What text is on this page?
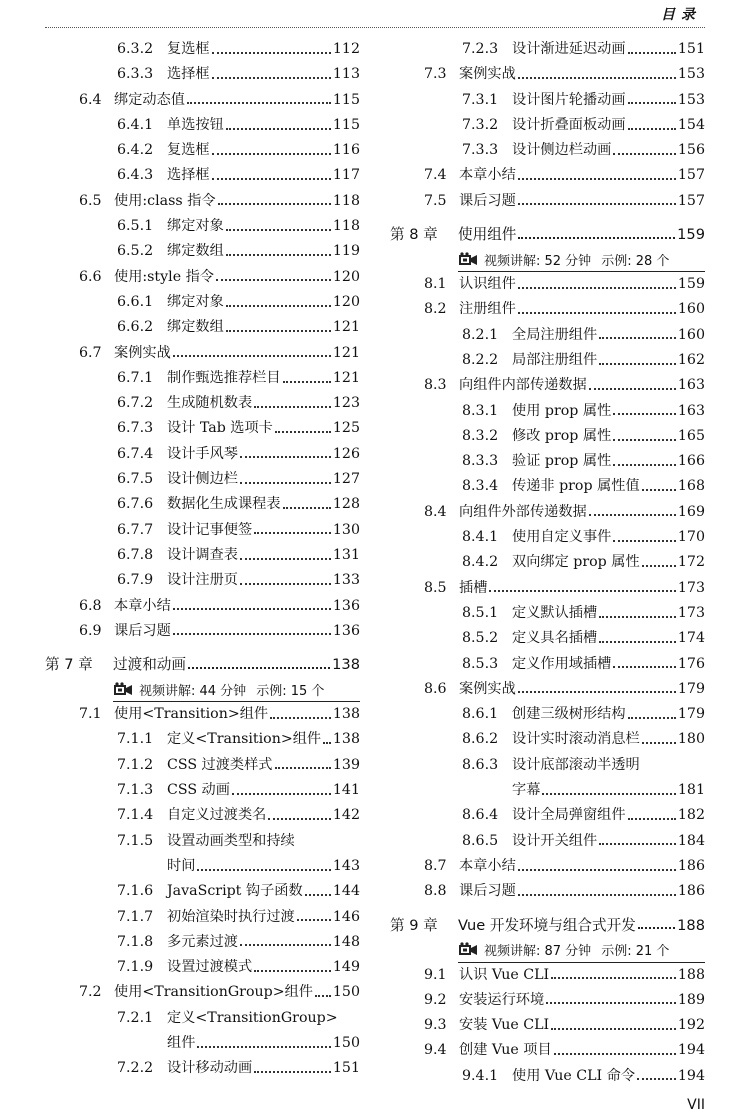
目录
6.3.2 复选框	112
6.3.3 选择框	113
6.4 绑定动态值	115
6.4.1 单选按钮	115
6.4.2 复选框	116
6.4.3 选择框	117
6.5 使用:class 指令	118
6.5.1 绑定对象	118
6.5.2 绑定数组	119
6.6 使用:style 指令	120
6.6.1 绑定对象	120
6.6.2 绑定数组	121
6.7 案例实战	121
6.7.1 制作甄选推荐栏目	121
6.7.2 生成随机数表	123
6.7.3 设计 Tab 选项卡	125
6.7.4 设计手风琴	126
6.7.5 设计侧边栏	127
6.7.6 数据化生成课程表	128
6.7.7 设计记事便签	130
6.7.8 设计调查表	131
6.7.9 设计注册页	133
6.8 本章小结	136
6.9 课后习题	136
第 7 章	过渡和动画	138
视频讲解: 44 分钟 示例: 15 个
7.1 使用<Transition>组件	138
7.1.1 定义<Transition>组件 138
7.1.2 CSS 过渡类样式	139
7.1.3 CSS 动画	141
7.1.4 自定义过渡类名	142
7.1.5 设置动画类型和持续
时间	143
7.1.6 JavaScript 钩子函数 144
7.1.7 初始渲染时执行过渡	146
7.1.8 多元素过渡	148
7.1.9 设置过渡模式	149
7.2 使用<TransitionGroup>组件 150
7.2.1 定义<TransitionGroup>
组件	150
7.2.2 设计移动动画	151
7.2.3 设计渐进延迟动画	151
7.3 案例实战	153
7.3.1 设计图片轮播动画	153
7.3.2 设计折叠面板动画	154
7.3.3 设计侧边栏动画	156
7.4 本章小结	157
7.5 课后习题	157
第 8 章	使用组件	159
视频讲解: 52 分钟 示例: 28 个
8.1 认识组件	159
8.2 注册组件	160
8.2.1 全局注册组件	160
8.2.2 局部注册组件	162
8.3 向组件内部传递数据	163
8.3.1 使用 prop 属性	163
8.3.2 修改 prop 属性	165
8.3.3 验证 prop 属性	166
8.3.4 传递非 prop 属性值	168
8.4 向组件外部传递数据	169
8.4.1 使用自定义事件	170
8.4.2 双向绑定 prop 属性	172
8.5 插槽	173
8.5.1 定义默认插槽	173
8.5.2 定义具名插槽	174
8.5.3 定义作用域插槽	176
8.6 案例实战	179
8.6.1 创建三级树形结构	179
8.6.2 设计实时滚动消息栏	180
8.6.3 设计底部滚动半透明
字幕	181
8.6.4 设计全局弹窗组件	182
8.6.5 设计开关组件	184
8.7 本章小结	186
8.8 课后习题	186
第 9 章	Vue 开发环境与组合式开发	188
视频讲解: 87 分钟 示例: 21 个
9.1 认识 Vue CLI	188
9.2 安装运行环境	189
9.3 安装 Vue CLI	192
9.4 创建 Vue 项目	194
9.4.1 使用 Vue CLI 命令	194
VII
